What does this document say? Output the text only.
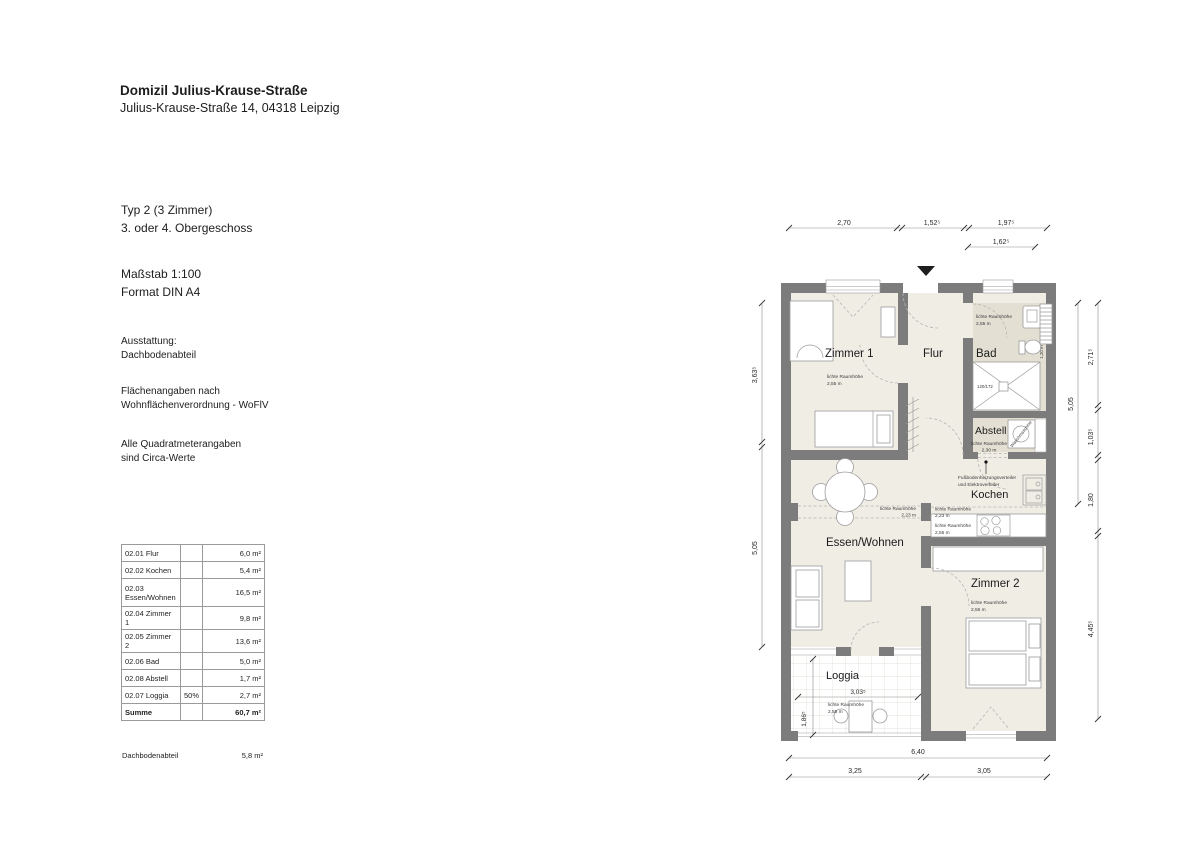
Domizil Julius-Krause-Straße
Julius-Krause-Straße 14, 04318 Leipzig
Typ 2 (3 Zimmer)
3. oder 4. Obergeschoss
Maßstab 1:100
Format DIN A4
Ausstattung:
Dachbodenabteil
Flächenangaben nach
Wohnflächenverordnung - WoFlV
Alle Quadratmeterangaben
sind Circa-Werte
02.01 Flur		6,0 m²
02.02 Kochen		5,4 m²
02.03 Essen/Wohnen		16,5 m²
02.04 Zimmer 1		9,8 m²
02.05 Zimmer 2		13,6 m²
02.06 Bad		5,0 m²
02.08 Abstell		1,7 m²
02.07 Loggia	50%	2,7 m²
Summe		60,7 m²
Dachbodenabteil	5,8 m²
2,70	1,52⁵	1,97⁵
1,62⁵
3,63⁵
5,05
5,05
2,71⁵
1,03⁵
1,80
4,45⁵
6,40
3,25	3,05
3,03⁵
1,86⁵
Zimmer 1
lichte Raumhöhe
2,55 m
Flur	Bad
lichte Raumhöhe
2,55 m
120/172
1,20 m
Abstell
lichte Raumhöhe
2,30 m
Waschmaschine
Kochen
lichte Raumhöhe
2,23 m
lichte Raumhöhe
2,55 m
lichte Raumhöhe
2,23 m
Essen/Wohnen
Zimmer 2
lichte Raumhöhe
2,55 m
Loggia
lichte Raumhöhe
2,55 m
Fußbodenheizungsverteiler
und Elektroverteiler
